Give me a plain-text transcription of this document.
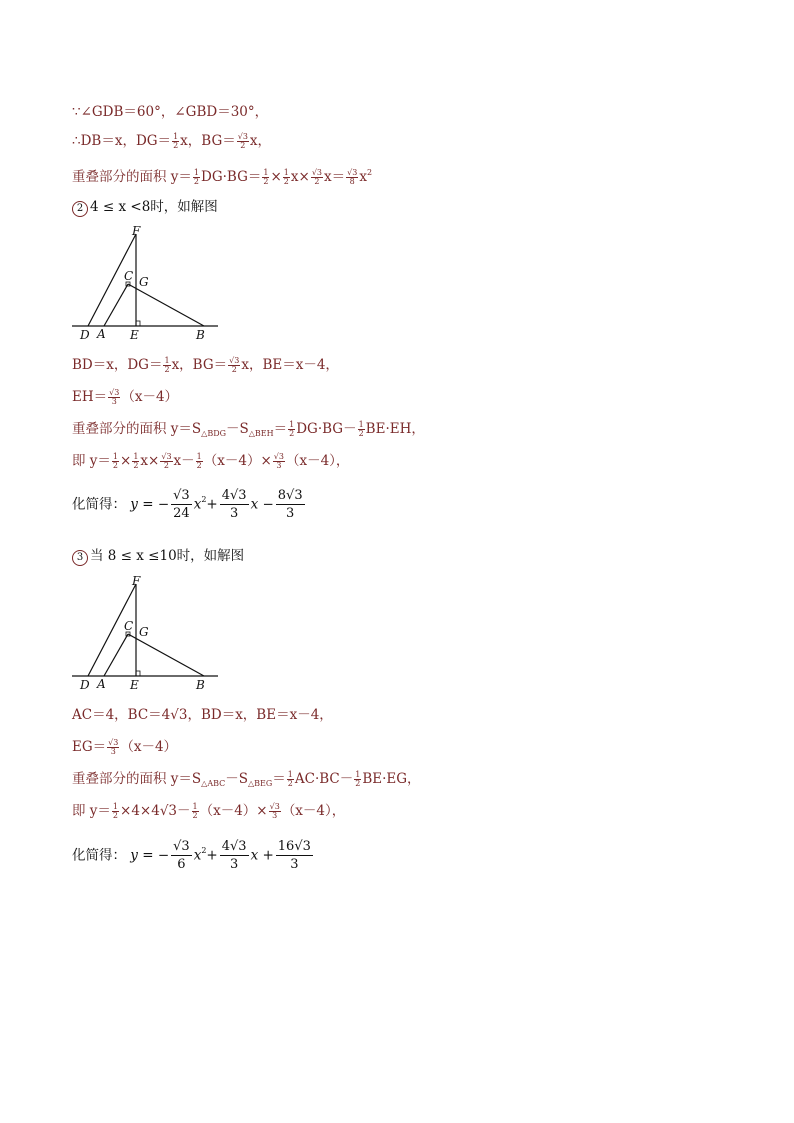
∵∠GDB＝60°，∠GBD＝30°，
∴DB＝x，$DG= \frac{1}{2}$ x，$BG= \frac{√3}{2}$ x，
重叠部分的面积 $y= \frac{1}{2} DG\cdot BG= \frac{1}{2} \times \frac{1}{2} x\times \frac{√3}{2} x= \frac{√3}{8} x^2$
2 4 ≤ x <8时，如解图
F
C G
D A E	B
BD＝x，$DG= \frac{1}{2}$ x，$BG= \frac{√3}{2}$ x，BE＝x－4，
$EH= \frac{√3}{3} (x-4)$
重叠部分的面积 $y=S_{\triangle BDG}-S_{\triangle BEH}= \frac{1}{2} DG\cdot BG- \frac{1}{2} BE\cdot EH$，
即 $y= \frac{1}{2} \times \frac{1}{2} x\times \frac{√3}{2} x- \frac{1}{2} (x-4)\times \frac{√3}{3} (x-4)$，
化简得： y = − $\frac{√3}{24} x^2+ \frac{4√3}{3}$ $x - \frac{8√3}{3}$
3 当 8 ≤ x ≤10时，如解图
F
C G
D A E	B
AC＝4，BC＝4√3，BD＝x，BE＝x－4，
$EG= \frac{√3}{3} (x-4)$
重叠部分的面积 $y=S_{\triangle ABC}-S_{\triangle BEG}= \frac{1}{2} AC\cdot BC- \frac{1}{2} BE\cdot EG$，
即 $y= \frac{1}{2} \times 4\times 4√3- \frac{1}{2} (x-4)\times \frac{√3}{3} (x-4)$，
化简得： y = − $\frac{√3}{6} x^2+ \frac{4√3}{3}$ $x + \frac{16√3}{3}$
